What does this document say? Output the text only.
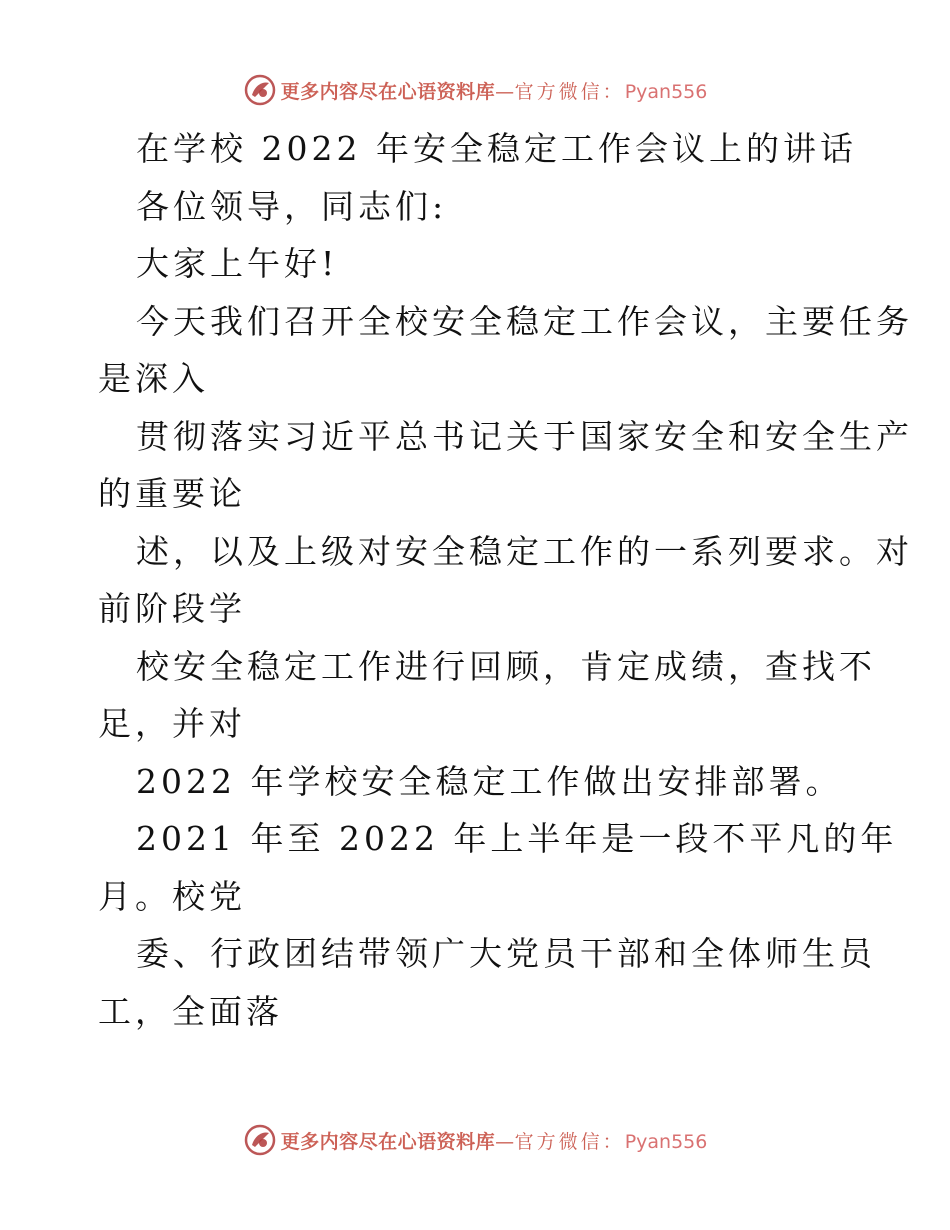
更多内容尽在心语资料库—官方微信：Pyan556
在学校 2022 年安全稳定工作会议上的讲话
各位领导，同志们:
大家上午好!
今天我们召开全校安全稳定工作会议，主要任务
是深入
贯彻落实习近平总书记关于国家安全和安全生产
的重要论
述，以及上级对安全稳定工作的一系列要求。对
前阶段学
校安全稳定工作进行回顾，肯定成绩，查找不
足，并对
2022 年学校安全稳定工作做出安排部署。
2021 年至 2022 年上半年是一段不平凡的年
月。校党
委、行政团结带领广大党员干部和全体师生员
工，全面落
更多内容尽在心语资料库—官方微信：Pyan556
